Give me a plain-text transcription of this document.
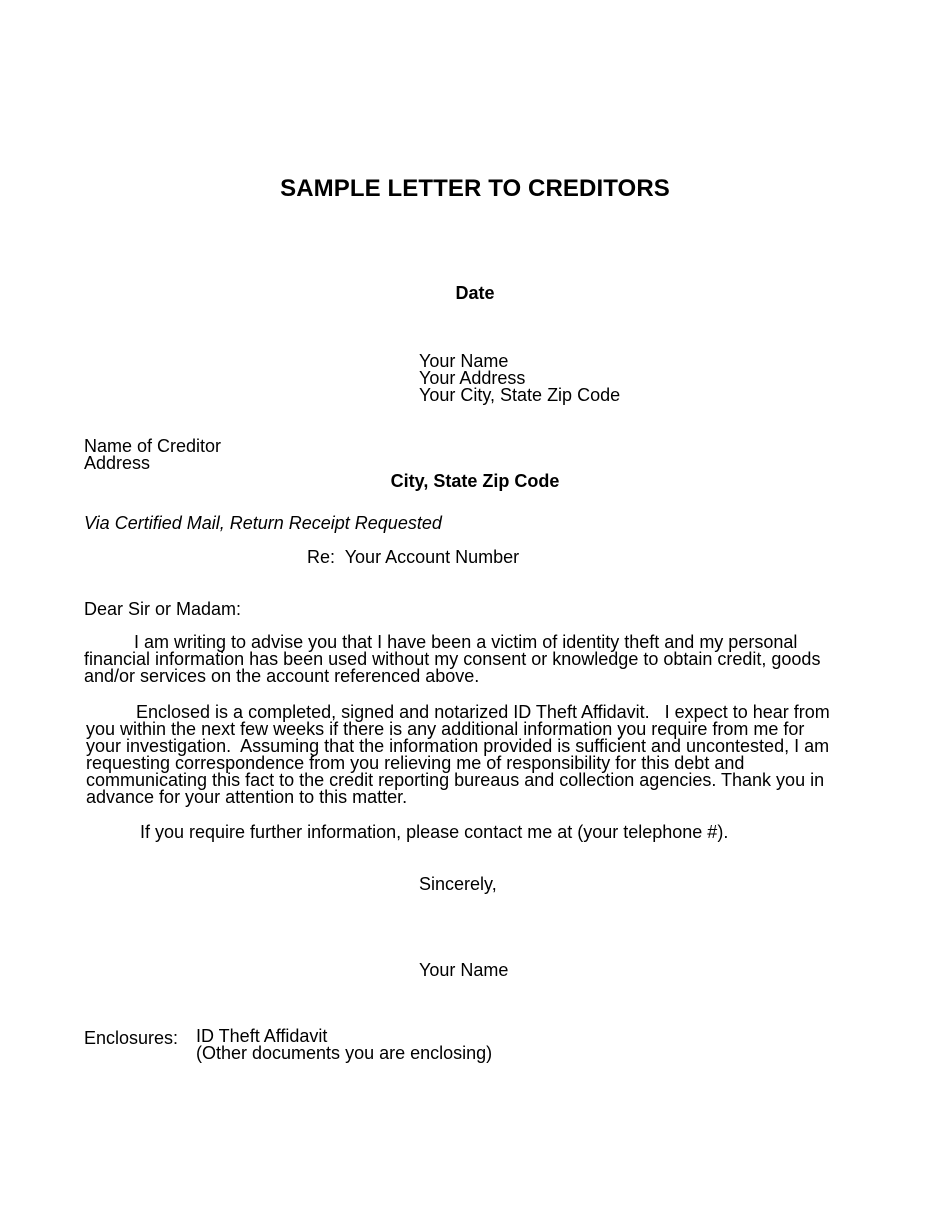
SAMPLE LETTER TO CREDITORS
Date
Your Name
Your Address
Your City, State Zip Code
Name of Creditor
Address
City, State Zip Code
Via Certified Mail, Return Receipt Requested
Re:  Your Account Number
Dear Sir or Madam:
I am writing to advise you that I have been a victim of identity theft and my personal
financial information has been used without my consent or knowledge to obtain credit, goods
and/or services on the account referenced above.
Enclosed is a completed, signed and notarized ID Theft Affidavit.   I expect to hear from
you within the next few weeks if there is any additional information you require from me for
your investigation.  Assuming that the information provided is sufficient and uncontested, I am
requesting correspondence from you relieving me of responsibility for this debt and
communicating this fact to the credit reporting bureaus and collection agencies. Thank you in
advance for your attention to this matter.
If you require further information, please contact me at (your telephone #).
Sincerely,
Your Name
Enclosures: ID Theft Affidavit
(Other documents you are enclosing)
